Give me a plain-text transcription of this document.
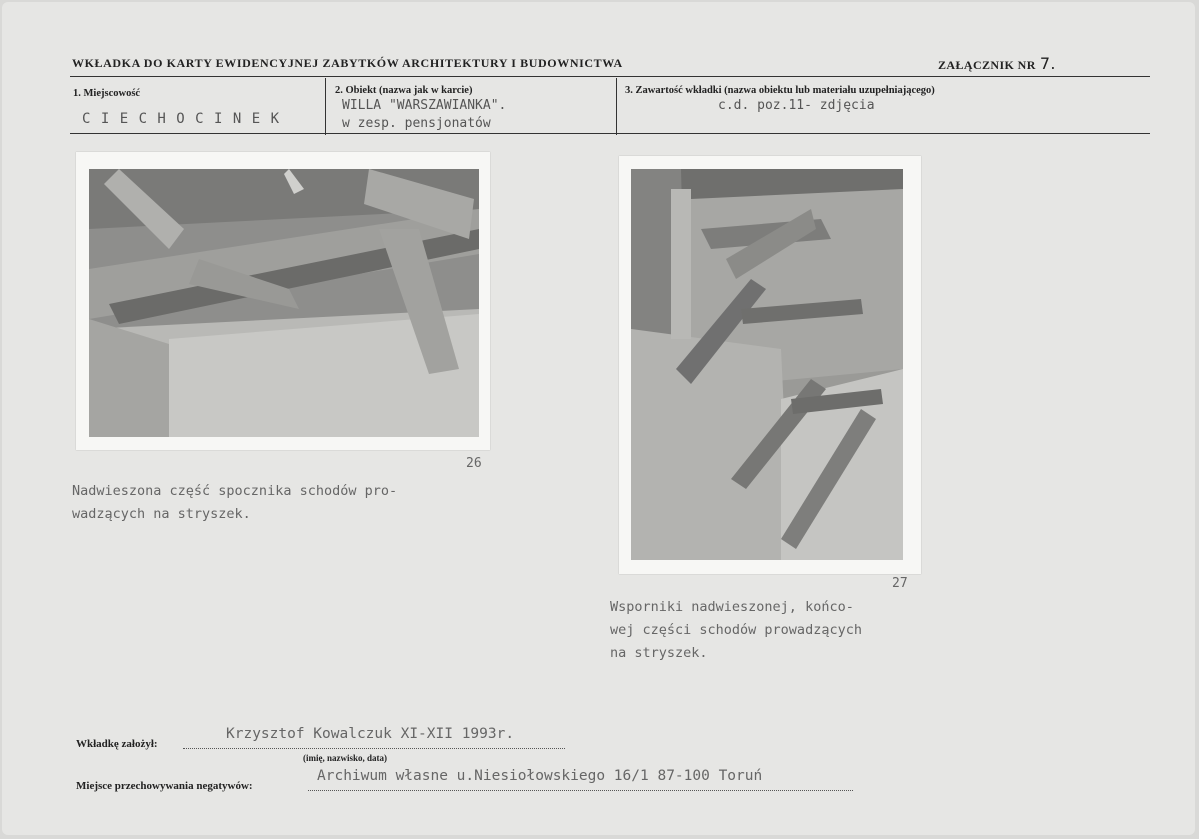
WKŁADKA DO KARTY EWIDENCYJNEJ ZABYTKÓW ARCHITEKTURY I BUDOWNICTWA	ZAŁĄCZNIK NR 7.
1. Miejscowość
C I E C H O C I N E K
2. Obiekt (nazwa jak w karcie)
WILLA "WARSZAWIANKA".
w zesp. pensjonatów
3. Zawartość wkładki (nazwa obiektu lub materiału uzupełniającego)
c.d. poz.11- zdjęcia
26
Nadwieszona część spocznika schodów pro-
wadzących na stryszek.
27
Wsporniki nadwieszonej, końco-
wej części schodów prowadzących
na stryszek.
Wkładkę założył:
Krzysztof Kowalczuk XI-XII 1993r.
(imię, nazwisko, data)
Miejsce przechowywania negatywów:
Archiwum własne u.Niesiołowskiego 16/1 87-100 Toruń
